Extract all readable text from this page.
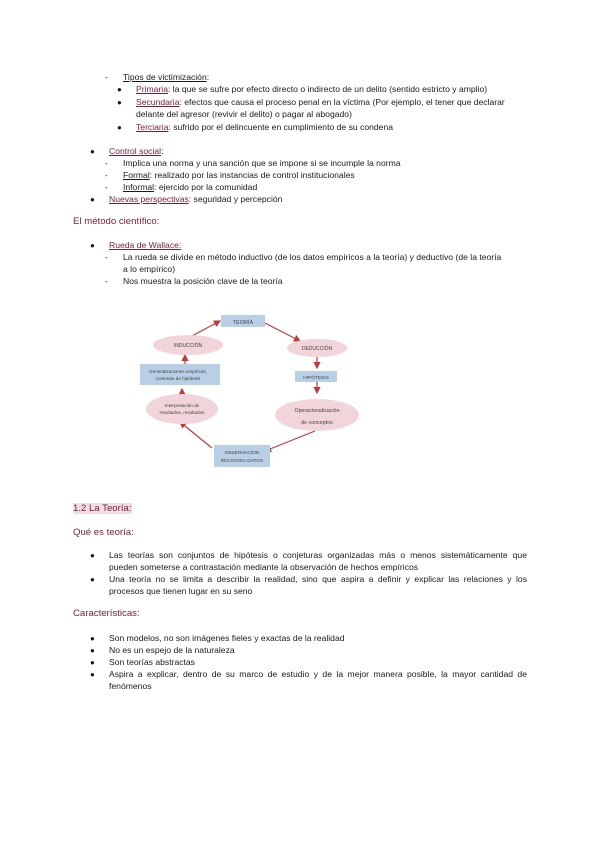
- Tipos de victimización:
● Primaria: la que se sufre por efecto directo o indirecto de un delito (sentido estricto y amplio)
● Secundaria: efectos que causa el proceso penal en la víctima (Por ejemplo, el tener que declarar
delante del agresor (revivir el delito) o pagar al abogado)
● Terciaria: sufrido por el delincuente en cumplimiento de su condena
● Control social:
- Implica una norma y una sanción que se impone si se incumple la norma
- Formal: realizado por las instancias de control institucionales
- Informal: ejercido por la comunidad
● Nuevas perspectivas: seguridad y percepción
El método científico:
● Rueda de Wallace:
- La rueda se divide en método inductivo (de los datos empíricos a la teoría) y deductivo (de la teoría
a lo empírico)
- Nos muestra la posición clave de la teoría
TEORÍA
INDUCCIÓN	DEDUCCIÓN
Generalizaciones empíricas,
contraste de hipótesis	HIPÓTESIS
Interpretación de
resultados, resultados	Operacionalización
de conceptos
OBSERVACIÓN
RECOGIDA DATOS
1.2 La Teoría:
Qué es teoría:
● Las teorías son conjuntos de hipótesis o conjeturas organizadas más o menos sistemáticamente que
pueden someterse a contrastación mediante la observación de hechos empíricos
● Una teoría no se limita a describir la realidad, sino que aspira a definir y explicar las relaciones y los
procesos que tienen lugar en su seno
Características:
● Son modelos, no son imágenes fieles y exactas de la realidad
● No es un espejo de la naturaleza
● Son teorías abstractas
● Aspira a explicar, dentro de su marco de estudio y de la mejor manera posible, la mayor cantidad de
fenómenos
